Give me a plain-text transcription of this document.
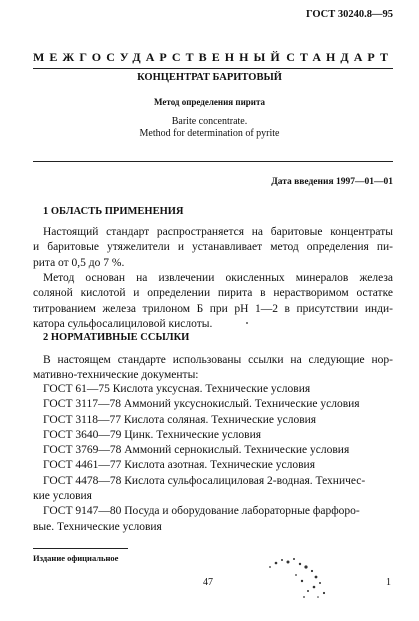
ГОСТ 30240.8—95
МЕЖГОСУДАРСТВЕННЫЙ СТАНДАРТ
КОНЦЕНТРАТ БАРИТОВЫЙ
Метод определения пирита
Barite concentrate.
Method for determination of pyrite
Дата введения 1997—01—01
1 ОБЛАСТЬ ПРИМЕНЕНИЯ
Настоящий стандарт распространяется на баритовые концентраты
и баритовые утяжелители и устанавливает метод определения пи-
рита от 0,5 до 7 %.
Метод основан на извлечении окисленных минералов железа
соляной кислотой и определении пирита в нерастворимом остатке
титрованием железа трилоном Б при pH 1—2 в присутствии инди-
катора сульфосалициловой кислоты.
2 НОРМАТИВНЫЕ ССЫЛКИ
В настоящем стандарте использованы ссылки на следующие нор-
мативно-технические документы:
ГОСТ 61—75 Кислота уксусная. Технические условия
ГОСТ 3117—78 Аммоний уксуснокислый. Технические условия
ГОСТ 3118—77 Кислота соляная. Технические условия
ГОСТ 3640—79 Цинк. Технические условия
ГОСТ 3769—78 Аммоний сернокислый. Технические условия
ГОСТ 4461—77 Кислота азотная. Технические условия
ГОСТ 4478—78 Кислота сульфосалициловая 2-водная. Техничес-
кие условия
ГОСТ 9147—80 Посуда и оборудование лабораторные фарфоро-
вые. Технические условия
Издание официальное
47	1
